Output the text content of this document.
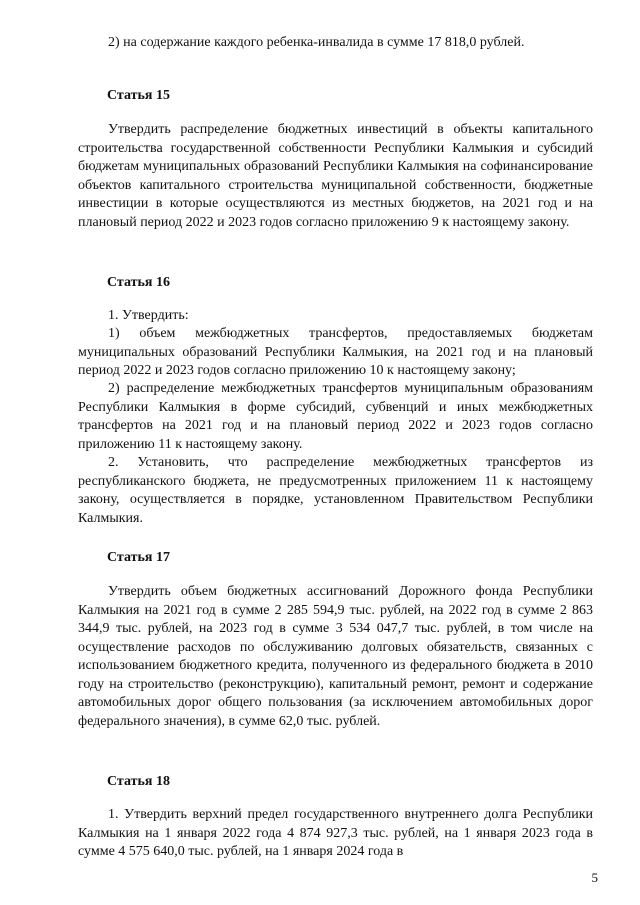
2) на содержание каждого ребенка-инвалида в сумме 17 818,0 рублей.

Статья 15

Утвердить распределение бюджетных инвестиций в объекты капитального строительства государственной собственности Республики Калмыкия и субсидий бюджетам муниципальных образований Республики Калмыкия на софинансирование объектов капитального строительства муниципальной собственности, бюджетные инвестиции в которые осуществляются из местных бюджетов, на 2021 год и на плановый период 2022 и 2023 годов согласно приложению 9 к настоящему закону.

Статья 16

1. Утвердить:

1) объем межбюджетных трансфертов, предоставляемых бюджетам муниципальных образований Республики Калмыкия, на 2021 год и на плановый период 2022 и 2023 годов согласно приложению 10 к настоящему закону;

2) распределение межбюджетных трансфертов муниципальным образованиям Республики Калмыкия в форме субсидий, субвенций и иных межбюджетных трансфертов на 2021 год и на плановый период 2022 и 2023 годов согласно приложению 11 к настоящему закону.

2. Установить, что распределение межбюджетных трансфертов из республиканского бюджета, не предусмотренных приложением 11 к настоящему закону, осуществляется в порядке, установленном Правительством Республики Калмыкия.

Статья 17

Утвердить объем бюджетных ассигнований Дорожного фонда Республики Калмыкия на 2021 год в сумме 2 285 594,9 тыс. рублей, на 2022 год в сумме 2 863 344,9 тыс. рублей, на 2023 год в сумме 3 534 047,7 тыс. рублей, в том числе на осуществление расходов по обслуживанию долговых обязательств, связанных с использованием бюджетного кредита, полученного из федерального бюджета в 2010 году на строительство (реконструкцию), капитальный ремонт, ремонт и содержание автомобильных дорог общего пользования (за исключением автомобильных дорог федерального значения), в сумме 62,0 тыс. рублей.

Статья 18

1. Утвердить верхний предел государственного внутреннего долга Республики Калмыкия на 1 января 2022 года 4 874 927,3 тыс. рублей, на 1 января 2023 года в сумме 4 575 640,0 тыс. рублей, на 1 января 2024 года в

5
